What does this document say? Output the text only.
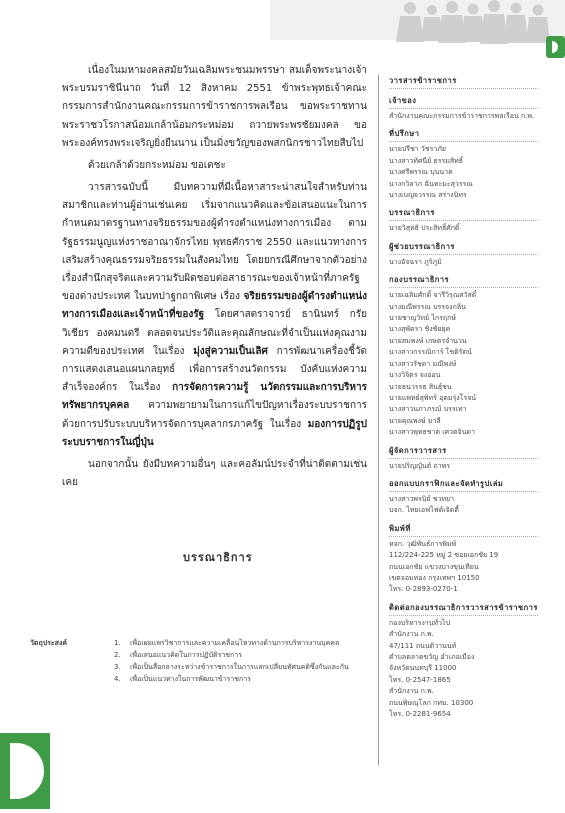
เนื่องในมหามงคลสมัยวันเฉลิมพระชนมพรรษา สมเด็จพระนางเจ้าพระบรมราชินีนาถ วันที่ 12 สิงหาคม 2551 ข้าพระพุทธเจ้าคณะกรรมการสำนักงานคณะกรรมการข้าราชการพลเรือน ขอพระราชทานพระราชวโรกาสน้อมเกล้าน้อมกระหม่อม ถวายพระพรชัยมงคล ขอพระองค์ทรงพระเจริญยิ่งยืนนาน เป็นมิ่งขวัญของพสกนิกรชาวไทยสืบไป

ด้วยเกล้าด้วยกระหม่อม ขอเดชะ

วารสารฉบับนี้ มีบทความที่มีเนื้อหาสาระน่าสนใจสำหรับท่านสมาชิกและท่านผู้อ่านเช่นเคย เริ่มจากแนวคิดและข้อเสนอแนะในการกำหนดมาตรฐานทางจริยธรรมของผู้ดำรงตำแหน่งทางการเมือง ตามรัฐธรรมนูญแห่งราชอาณาจักรไทย พุทธศักราช 2550 และแนวทางการเสริมสร้างคุณธรรมจริยธรรมในสังคมไทย โดยยกรณีศึกษาจากตัวอย่างเรื่องสำนึกสุจริตและความรับผิดชอบต่อสาธารณะของเจ้าหน้าที่ภาครัฐของต่างประเทศ ในบทปาฐกถาพิเศษ เรื่อง จริยธรรมของผู้ดำรงตำแหน่งทางการเมืองและเจ้าหน้าที่ของรัฐ โดยศาสตราจารย์ ธานินทร์ กรัยวิเชียร องคมนตรี ตลอดจนประวัติและคุณลักษณะที่จำเป็นแห่งคุณงามความดีของประเทศ ในเรื่อง มุ่งสู่ความเป็นเลิศ การพัฒนาเครื่องชี้วัดการแสดงเสนอแผนกลยุทธ์ เพื่อการสร้างนวัตกรรม บังคับแห่งความสำเร็จองค์กร ในเรื่อง การจัดการความรู้ นวัตกรรมและการบริหารทรัพยากรบุคคล ความพยายามในการแก้ไขปัญหาเรื่องระบบราชการด้วยการปรับระบบบริหารจัดการบุคลากรภาครัฐ ในเรื่อง มองการปฏิรูประบบราชการในญี่ปุ่น

นอกจากนั้น ยังมีบทความอื่นๆ และคอลัมน์ประจำที่น่าติดตามเช่นเคย

บรรณาธิการ
วัตถุประสงค์	1.	เพื่อเผยแพร่วิชาการและความเคลื่อนไหวทางด้านการบริหารงานบุคคล
2.	เพื่อเสนอแนวคิดในการปฏิบัติราชการ
3.	เพื่อเป็นสื่อกลางระหว่างข้าราชการในการแลกเปลี่ยนทัศนคติซึ่งกันและกัน
4.	เพื่อเป็นแนวทางในการพัฒนาข้าราชการ
วารสารข้าราชการ
เจ้าของ
สำนักงานคณะกรรมการข้าราชการพลเรือน ก.พ.
ที่ปรึกษา
นายปรีชา วัชราภัย
นางสาวทัศนีย์ ธรรมสิทธิ์
นางศรีพรรณ บุนนาค
นางกวิลาภ ฉันทะมะสุวรรณ
นางเบญจวรรณ สร่างนิทร
บรรณาธิการ
นายวิสุทธิ ประสิทธิ์ศักดิ์
ผู้ช่วยบรรณาธิการ
นางอัจฉรา ภูริภูมิ
กองบรรณาธิการ
นายเฉลิมศักดิ์ จารีวิรุณสวัสดิ์
นางมณีพรรณ บรรจงกลิ่น
นายชาญวิทย์ ไกรฤกษ์
นางสุพัตรา ชิงชัยยุค
นายสมพงษ์ เกษตรจำนวน
นางสาวกรรณิการ์ โชติรัตน์
นางสาวรัชดา มณีพงษ์
นางวิจิตร จงอ่อน
นายธนวรรธ สินธุ์ชน
นายแพทย์สุพิทร์ อุดมรุ่งโรจน์
นางสาวนภาภรณ์ บรรเทา
นายคุณพงษ์ มาลี
นางสาวพุทธชาด เศวตจินดา
ผู้จัดการวารสาร
นายปริญญันต์ ถาพร
ออกแบบกราฟิกและจัดทำรูปเล่ม
นางสาวพรนิย์ ชวทยา
บจก. ไทยเอฟโฟต์เจิดตี้
พิมพ์ที่
หจก. วุฒิพันธ์การพิมพ์
112/224-225 หมู่ 2 ซอยเอกชัย 19
ถนนเอกชัย แขวงบางขุนเทียน
เขตจอมทอง กรุงเทพฯ 10150
โทร. 0-2893-0270-1
ติดต่อกองบรรณาธิการวารสารข้าราชการ
กองบริหารงานทั่วไป
สำนักงาน ก.พ.
47/111 ถนนติวานนท์
ตำบลตลาดขวัญ อำเภอเมือง
จังหวัดนนทบุรี 11000
โทร. 0-2547-1865
สำนักงาน ก.พ.
ถนนพิษณุโลก กทม. 10300
โทร. 0-2281-9654
